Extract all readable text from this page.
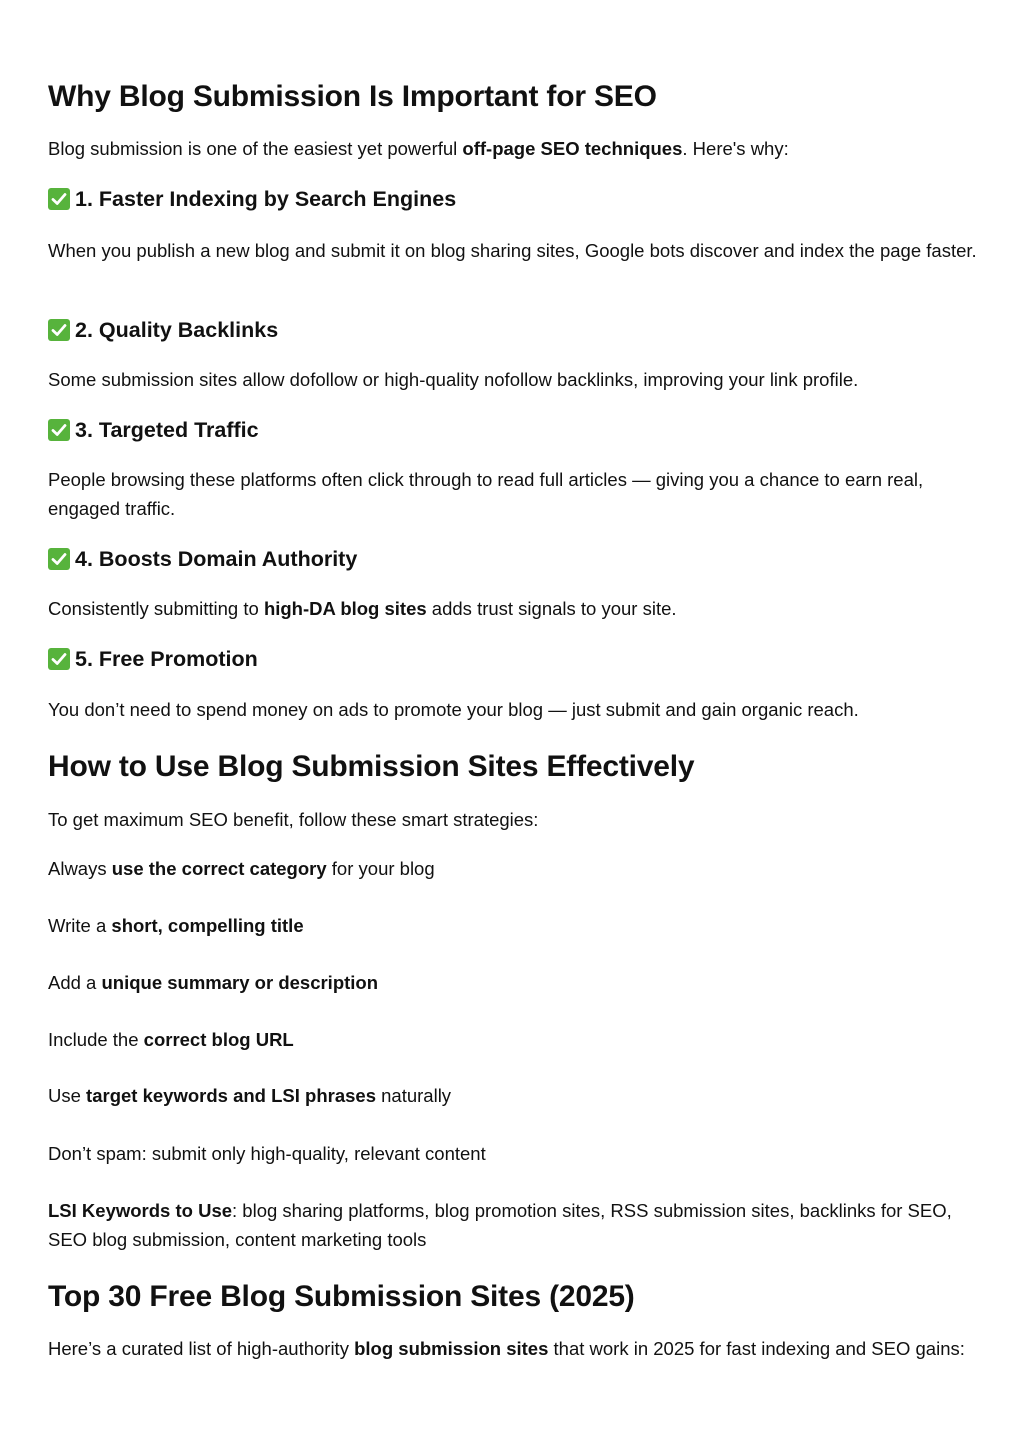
Why Blog Submission Is Important for SEO

Blog submission is one of the easiest yet powerful off-page SEO techniques. Here's why:

1. Faster Indexing by Search Engines

When you publish a new blog and submit it on blog sharing sites, Google bots discover and index the page faster.

2. Quality Backlinks

Some submission sites allow dofollow or high-quality nofollow backlinks, improving your link profile.

3. Targeted Traffic

People browsing these platforms often click through to read full articles — giving you a chance to earn real, engaged traffic.

4. Boosts Domain Authority

Consistently submitting to high-DA blog sites adds trust signals to your site.

5. Free Promotion

You don’t need to spend money on ads to promote your blog — just submit and gain organic reach.

How to Use Blog Submission Sites Effectively

To get maximum SEO benefit, follow these smart strategies:

Always use the correct category for your blog

Write a short, compelling title

Add a unique summary or description

Include the correct blog URL

Use target keywords and LSI phrases naturally

Don’t spam: submit only high-quality, relevant content

LSI Keywords to Use: blog sharing platforms, blog promotion sites, RSS submission sites, backlinks for SEO, SEO blog submission, content marketing tools

Top 30 Free Blog Submission Sites (2025)

Here’s a curated list of high-authority blog submission sites that work in 2025 for fast indexing and SEO gains:
